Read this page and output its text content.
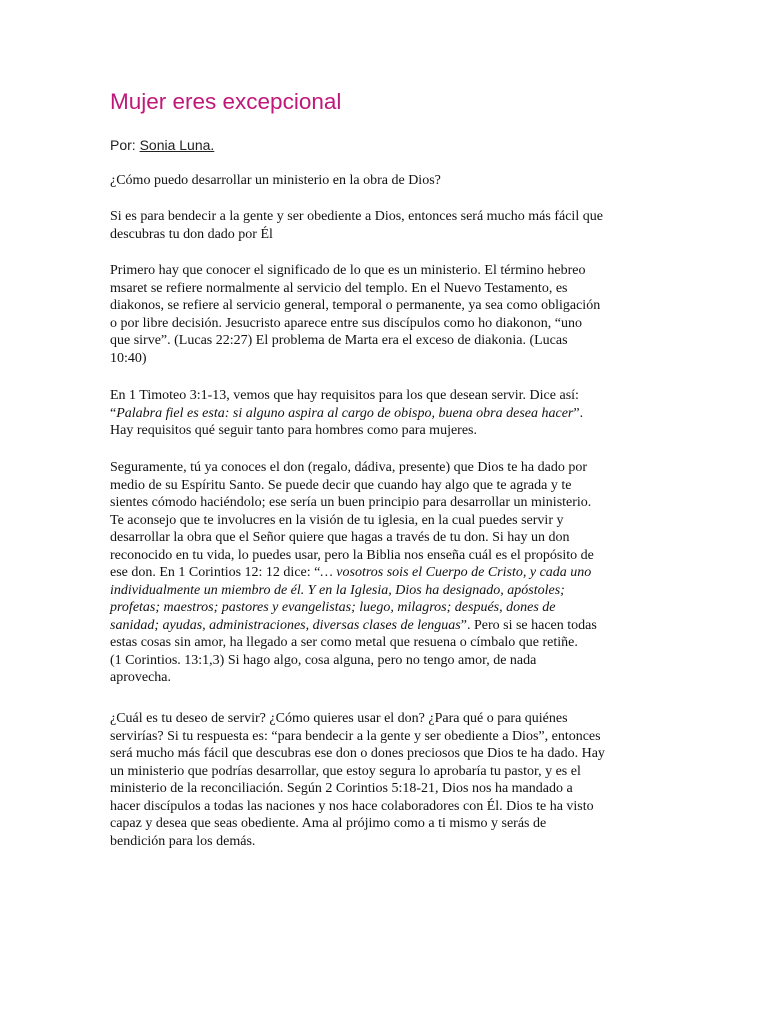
Mujer eres excepcional
Por: Sonia Luna.
¿Cómo puedo desarrollar un ministerio en la obra de Dios?
Si es para bendecir a la gente y ser obediente a Dios, entonces será mucho más fácil que
descubras tu don dado por Él
Primero hay que conocer el significado de lo que es un ministerio. El término hebreo
msaret se refiere normalmente al servicio del templo. En el Nuevo Testamento, es
diakonos, se refiere al servicio general, temporal o permanente, ya sea como obligación
o por libre decisión. Jesucristo aparece entre sus discípulos como ho diakonon, “uno
que sirve”. (Lucas 22:27) El problema de Marta era el exceso de diakonia. (Lucas
10:40)
En 1 Timoteo 3:1-13, vemos que hay requisitos para los que desean servir. Dice así:
“Palabra fiel es esta: si alguno aspira al cargo de obispo, buena obra desea hacer”.
Hay requisitos qué seguir tanto para hombres como para mujeres.
Seguramente, tú ya conoces el don (regalo, dádiva, presente) que Dios te ha dado por
medio de su Espíritu Santo. Se puede decir que cuando hay algo que te agrada y te
sientes cómodo haciéndolo; ese sería un buen principio para desarrollar un ministerio.
Te aconsejo que te involucres en la visión de tu iglesia, en la cual puedes servir y
desarrollar la obra que el Señor quiere que hagas a través de tu don. Si hay un don
reconocido en tu vida, lo puedes usar, pero la Biblia nos enseña cuál es el propósito de
ese don. En 1 Corintios 12: 12 dice: “… vosotros sois el Cuerpo de Cristo, y cada uno
individualmente un miembro de él. Y en la Iglesia, Dios ha designado, apóstoles;
profetas; maestros; pastores y evangelistas; luego, milagros; después, dones de
sanidad; ayudas, administraciones, diversas clases de lenguas”. Pero si se hacen todas
estas cosas sin amor, ha llegado a ser como metal que resuena o címbalo que retiñe.
(1 Corintios. 13:1,3) Si hago algo, cosa alguna, pero no tengo amor, de nada
aprovecha.
¿Cuál es tu deseo de servir? ¿Cómo quieres usar el don? ¿Para qué o para quiénes
servirías? Si tu respuesta es: “para bendecir a la gente y ser obediente a Dios”, entonces
será mucho más fácil que descubras ese don o dones preciosos que Dios te ha dado. Hay
un ministerio que podrías desarrollar, que estoy segura lo aprobaría tu pastor, y es el
ministerio de la reconciliación. Según 2 Corintios 5:18-21, Dios nos ha mandado a
hacer discípulos a todas las naciones y nos hace colaboradores con Él. Dios te ha visto
capaz y desea que seas obediente. Ama al prójimo como a ti mismo y serás de
bendición para los demás.
